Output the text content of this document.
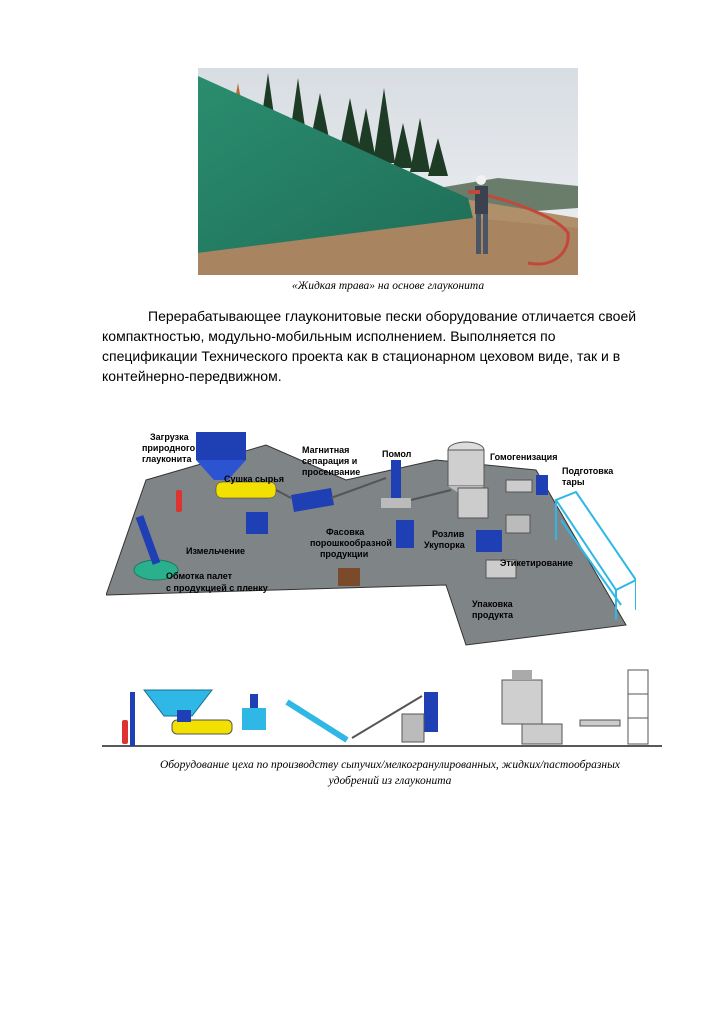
«Жидкая трава» на основе глауконита
Перерабатывающее глауконитовые пески оборудование отличается своей
компактностью, модульно-мобильным исполнением. Выполняется по
спецификации Технического проекта как в стационарном цеховом виде, так и в
контейнерно-передвижном.
Загрузка
природного
глауконита
Сушка сырья
Магнитная
сепарация и
просеивание
Помол	Гомогенизация
Подготовка
тары
Измельчение
Фасовка
порошкообразной
продукции
Розлив
Укупорка
Этикетирование
Обмотка палет
с продукцией с пленку
Упаковка
продукта
Оборудование цеха по производству сыпучих/мелкогранулированных, жидких/пастообразных
удобрений из глауконита
